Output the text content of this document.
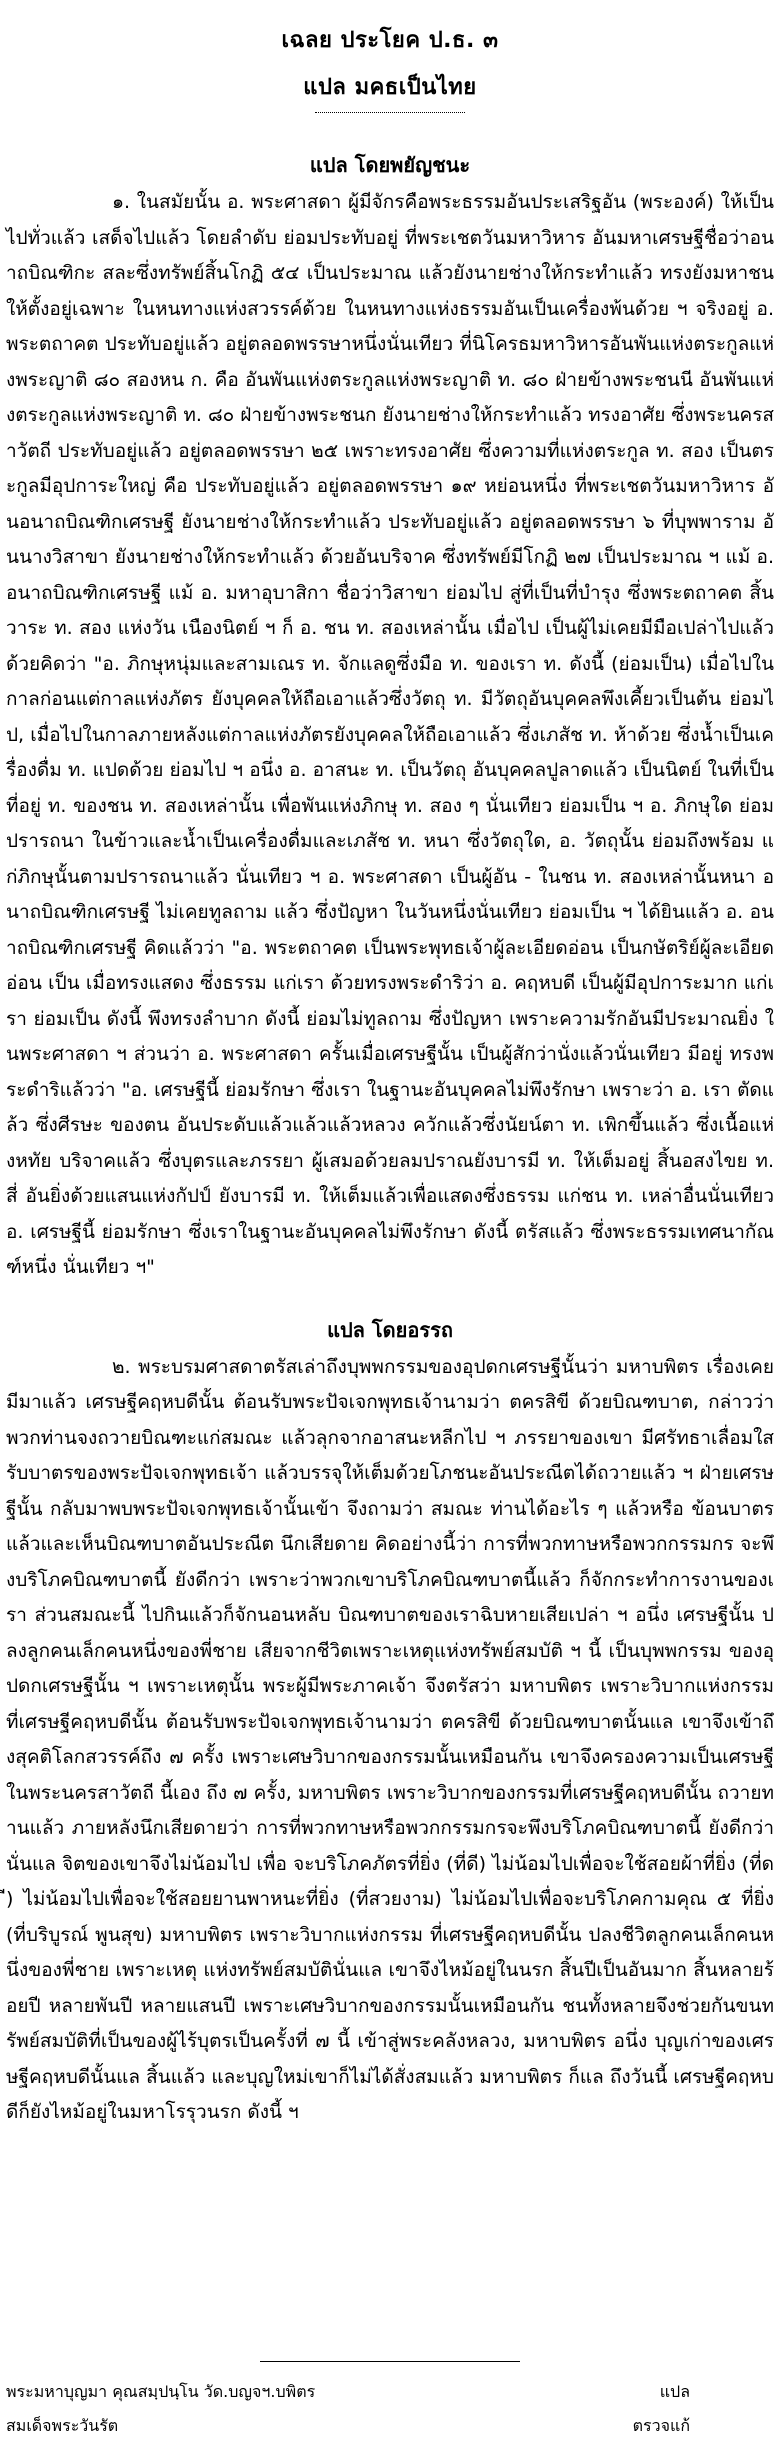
เฉลย ประโยค ป.ธ. ๓
แปล มคธเป็นไทย
แปล โดยพยัญชนะ

๑. ในสมัยนั้น อ. พระศาสดา ผู้มีจักรคือพระธรรมอันประเสริฐอัน (พระองค์) ให้เป็นไปทั่วแล้ว เสด็จไปแล้ว โดยลำดับ ย่อมประทับอยู่ ที่พระเชตวันมหาวิหาร อันมหาเศรษฐีชื่อว่าอนาถบิณฑิกะ สละซึ่งทรัพย์สิ้นโกฏิ ๕๔ เป็นประมาณ แล้วยังนายช่างให้กระทำแล้ว ทรงยังมหาชน ให้ตั้งอยู่เฉพาะ ในหนทางแห่งสวรรค์ด้วย ในหนทางแห่งธรรมอันเป็นเครื่องพ้นด้วย ฯ จริงอยู่ อ. พระตถาคต ประทับอยู่แล้ว อยู่ตลอดพรรษาหนึ่งนั่นเทียว ที่นิโครธมหาวิหารอันพันแห่งตระกูลแห่งพระญาติ ๘๐ สองหน ก. คือ อันพันแห่งตระกูลแห่งพระญาติ ท. ๘๐ ฝ่ายข้างพระชนนี อันพันแห่งตระกูลแห่งพระญาติ ท. ๘๐ ฝ่ายข้างพระชนก ยังนายช่างให้กระทำแล้ว ทรงอาศัย ซึ่งพระนครสาวัตถี ประทับอยู่แล้ว อยู่ตลอดพรรษา ๒๕ เพราะทรงอาศัย ซึ่งความที่แห่งตระกูล ท. สอง เป็นตระกูลมีอุปการะใหญ่ คือ ประทับอยู่แล้ว อยู่ตลอดพรรษา ๑๙ หย่อนหนึ่ง ที่พระเชตวันมหาวิหาร อันอนาถบิณฑิกเศรษฐี ยังนายช่างให้กระทำแล้ว ประทับอยู่แล้ว อยู่ตลอดพรรษา ๖ ที่บุพพาราม อันนางวิสาขา ยังนายช่างให้กระทำแล้ว ด้วยอันบริจาค ซึ่งทรัพย์มีโกฏิ ๒๗ เป็นประมาณ ฯ แม้ อ. อนาถบิณฑิกเศรษฐี แม้ อ. มหาอุบาสิกา ชื่อว่าวิสาขา ย่อมไป สู่ที่เป็นที่บำรุง ซึ่งพระตถาคต สิ้นวาระ ท. สอง แห่งวัน เนืองนิตย์ ฯ ก็ อ. ชน ท. สองเหล่านั้น เมื่อไป เป็นผู้ไม่เคยมีมือเปล่าไปแล้ว ด้วยคิดว่า "อ. ภิกษุหนุ่มและสามเณร ท. จักแลดูซึ่งมือ ท. ของเรา ท. ดังนี้ (ย่อมเป็น) เมื่อไปในกาลก่อนแต่กาลแห่งภัตร ยังบุคคลให้ถือเอาแล้วซึ่งวัตถุ ท. มีวัตถุอันบุคคลพึงเคี้ยวเป็นต้น ย่อมไป, เมื่อไปในกาลภายหลังแต่กาลแห่งภัตรยังบุคคลให้ถือเอาแล้ว ซึ่งเภสัช ท. ห้าด้วย ซึ่งน้ำเป็นเครื่องดื่ม ท. แปดด้วย ย่อมไป ฯ อนึ่ง อ. อาสนะ ท. เป็นวัตถุ อันบุคคลปูลาดแล้ว เป็นนิตย์ ในที่เป็นที่อยู่ ท. ของชน ท. สองเหล่านั้น เพื่อพันแห่งภิกษุ ท. สอง ๆ นั่นเทียว ย่อมเป็น ฯ อ. ภิกษุใด ย่อมปรารถนา ในข้าวและน้ำเป็นเครื่องดื่มและเภสัช ท. หนา ซึ่งวัตถุใด, อ. วัตถุนั้น ย่อมถึงพร้อม แก่ภิกษุนั้นตามปรารถนาแล้ว นั่นเทียว ฯ อ. พระศาสดา เป็นผู้อัน - ในชน ท. สองเหล่านั้นหนา อนาถบิณฑิกเศรษฐี ไม่เคยทูลถาม แล้ว ซึ่งปัญหา ในวันหนึ่งนั่นเทียว ย่อมเป็น ฯ ได้ยินแล้ว อ. อนาถบิณฑิกเศรษฐี คิดแล้วว่า "อ. พระตถาคต เป็นพระพุทธเจ้าผู้ละเอียดอ่อน เป็นกษัตริย์ผู้ละเอียดอ่อน เป็น เมื่อทรงแสดง ซึ่งธรรม แก่เรา ด้วยทรงพระดำริว่า อ. คฤหบดี เป็นผู้มีอุปการะมาก แก่เรา ย่อมเป็น ดังนี้ พึงทรงลำบาก ดังนี้ ย่อมไม่ทูลถาม ซึ่งปัญหา เพราะความรักอันมีประมาณยิ่ง ในพระศาสดา ฯ ส่วนว่า อ. พระศาสดา ครั้นเมื่อเศรษฐีนั้น เป็นผู้สักว่านั่งแล้วนั่นเทียว มีอยู่ ทรงพระดำริแล้วว่า "อ. เศรษฐีนี้ ย่อมรักษา ซึ่งเรา ในฐานะอันบุคคลไม่พึงรักษา เพราะว่า อ. เรา ตัดแล้ว ซึ่งศีรษะ ของตน อันประดับแล้วแล้วแล้วหลวง ควักแล้วซึ่งนัยน์ตา ท. เพิกขึ้นแล้ว ซึ่งเนื้อแห่งหทัย บริจาคแล้ว ซึ่งบุตรและภรรยา ผู้เสมอด้วยลมปราณยังบารมี ท. ให้เต็มอยู่ สิ้นอสงไขย ท. สี่ อันยิ่งด้วยแสนแห่งกัปป์ ยังบารมี ท. ให้เต็มแล้วเพื่อแสดงซึ่งธรรม แก่ชน ท. เหล่าอื่นนั่นเทียว อ. เศรษฐีนี้ ย่อมรักษา ซึ่งเราในฐานะอันบุคคลไม่พึงรักษา ดังนี้ ตรัสแล้ว ซึ่งพระธรรมเทศนากัณฑ์หนึ่ง นั่นเทียว ฯ"

แปล โดยอรรถ

๒. พระบรมศาสดาตรัสเล่าถึงบุพพกรรมของอุปดกเศรษฐีนั้นว่า มหาบพิตร เรื่องเคยมีมาแล้ว เศรษฐีคฤหบดีนั้น ต้อนรับพระปัจเจกพุทธเจ้านามว่า ตครสิขี ด้วยบิณฑบาต, กล่าวว่า พวกท่านจงถวายบิณฑะแก่สมณะ แล้วลุกจากอาสนะหลีกไป ฯ ภรรยาของเขา มีศรัทธาเลื่อมใส รับบาตรของพระปัจเจกพุทธเจ้า แล้วบรรจุให้เต็มด้วยโภชนะอันประณีตได้ถวายแล้ว ฯ ฝ่ายเศรษฐีนั้น กลับมาพบพระปัจเจกพุทธเจ้านั้นเข้า จึงถามว่า สมณะ ท่านได้อะไร ๆ แล้วหรือ ข้อนบาตรแล้วและเห็นบิณฑบาตอันประณีต นึกเสียดาย คิดอย่างนี้ว่า การที่พวกทาษหรือพวกกรรมกร จะพึงบริโภคบิณฑบาตนี้ ยังดีกว่า เพราะว่าพวกเขาบริโภคบิณฑบาตนี้แล้ว ก็จักกระทำการงานของเรา ส่วนสมณะนี้ ไปกินแล้วก็จักนอนหลับ บิณฑบาตของเราฉิบหายเสียเปล่า ฯ อนึ่ง เศรษฐีนั้น ปลงลูกคนเล็กคนหนึ่งของพี่ชาย เสียจากชีวิตเพราะเหตุแห่งทรัพย์สมบัติ ฯ นี้ เป็นบุพพกรรม ของอุปดกเศรษฐีนั้น ฯ เพราะเหตุนั้น พระผู้มีพระภาคเจ้า จึงตรัสว่า มหาบพิตร เพราะวิบากแห่งกรรม ที่เศรษฐีคฤหบดีนั้น ต้อนรับพระปัจเจกพุทธเจ้านามว่า ตครสิขี ด้วยบิณฑบาตนั้นแล เขาจึงเข้าถึงสุคติโลกสวรรค์ถึง ๗ ครั้ง เพราะเศษวิบากของกรรมนั้นเหมือนกัน เขาจึงครองความเป็นเศรษฐีในพระนครสาวัตถี นี้เอง ถึง ๗ ครั้ง, มหาบพิตร เพราะวิบากของกรรมที่เศรษฐีคฤหบดีนั้น ถวายทานแล้ว ภายหลังนึกเสียดายว่า การที่พวกทาษหรือพวกกรรมกรจะพึงบริโภคบิณฑบาตนี้ ยังดีกว่านั่นแล จิตของเขาจึงไม่น้อมไป เพื่อ จะบริโภคภัตรที่ยิ่ง (ที่ดี) ไม่น้อมไปเพื่อจะใช้สอยผ้าที่ยิ่ง (ที่ดี) ไม่น้อมไปเพื่อจะใช้สอยยานพาหนะที่ยิ่ง (ที่สวยงาม) ไม่น้อมไปเพื่อจะบริโภคกามคุณ ๕ ที่ยิ่ง (ที่บริบูรณ์ พูนสุข) มหาบพิตร เพราะวิบากแห่งกรรม ที่เศรษฐีคฤหบดีนั้น ปลงชีวิตลูกคนเล็กคนหนึ่งของพี่ชาย เพราะเหตุ แห่งทรัพย์สมบัตินั่นแล เขาจึงไหม้อยู่ในนรก สิ้นปีเป็นอันมาก สิ้นหลายร้อยปี หลายพันปี หลายแสนปี เพราะเศษวิบากของกรรมนั้นเหมือนกัน ชนทั้งหลายจึงช่วยกันขนทรัพย์สมบัติที่เป็นของผู้ไร้บุตรเป็นครั้งที่ ๗ นี้ เข้าสู่พระคลังหลวง, มหาบพิตร อนึ่ง บุญเก่าของเศรษฐีคฤหบดีนั้นแล สิ้นแล้ว และบุญใหม่เขาก็ไม่ได้สั่งสมแล้ว มหาบพิตร ก็แล ถึงวันนี้ เศรษฐีคฤหบดีก็ยังไหม้อยู่ในมหาโรรุวนรก ดังนี้ ฯ

พระมหาบุญมา คุณสมฺปนฺโน วัด.บญจฯ.บพิตร	แปล
สมเด็จพระวันรัต	ตรวจแก้
